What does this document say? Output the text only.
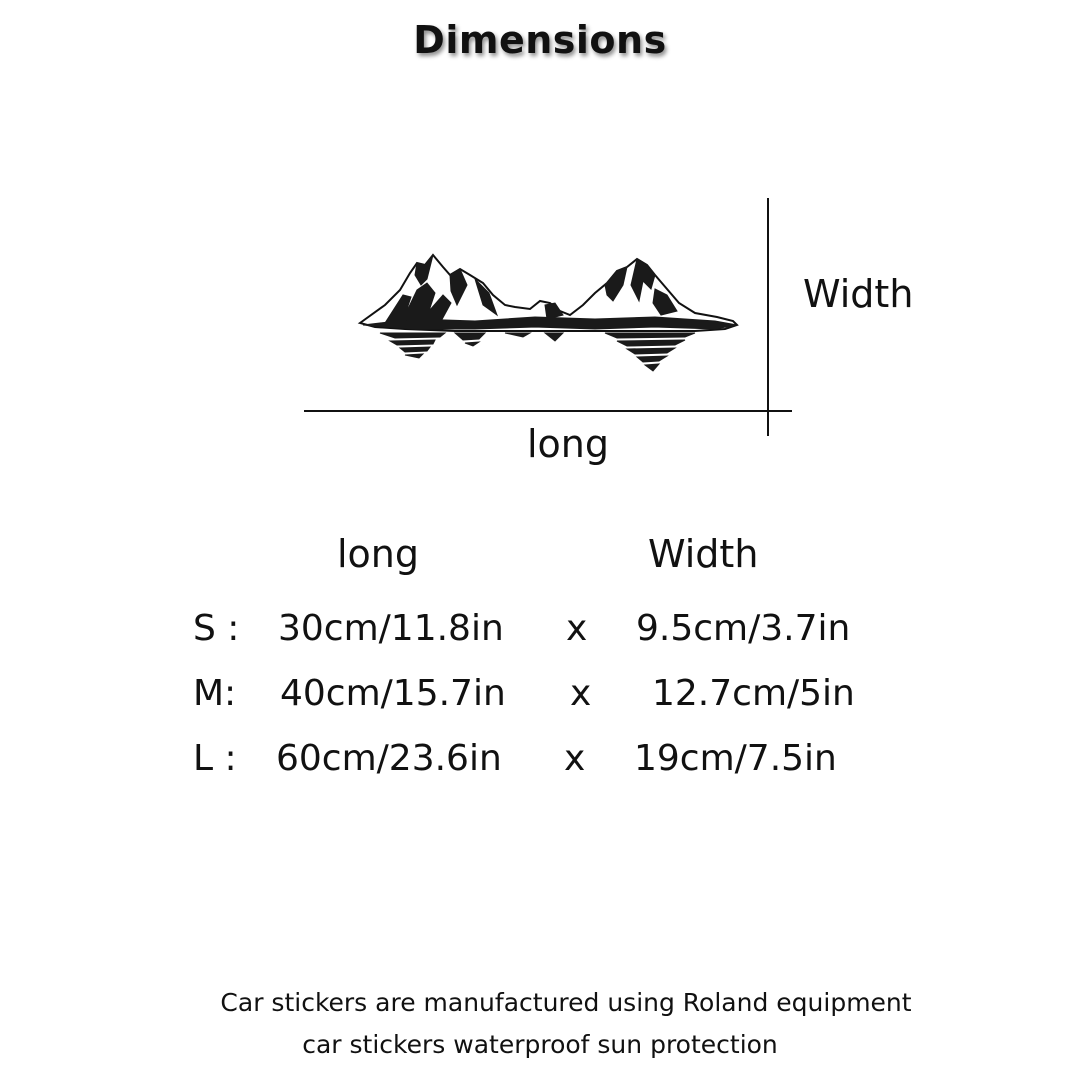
Dimensions
Width
long
long	Width
S : 30cm/11.8in x 9.5cm/3.7in
M: 40cm/15.7in x 12.7cm/5in
L : 60cm/23.6in x 19cm/7.5in
Car stickers are manufactured using Roland equipment
car stickers waterproof sun protection
